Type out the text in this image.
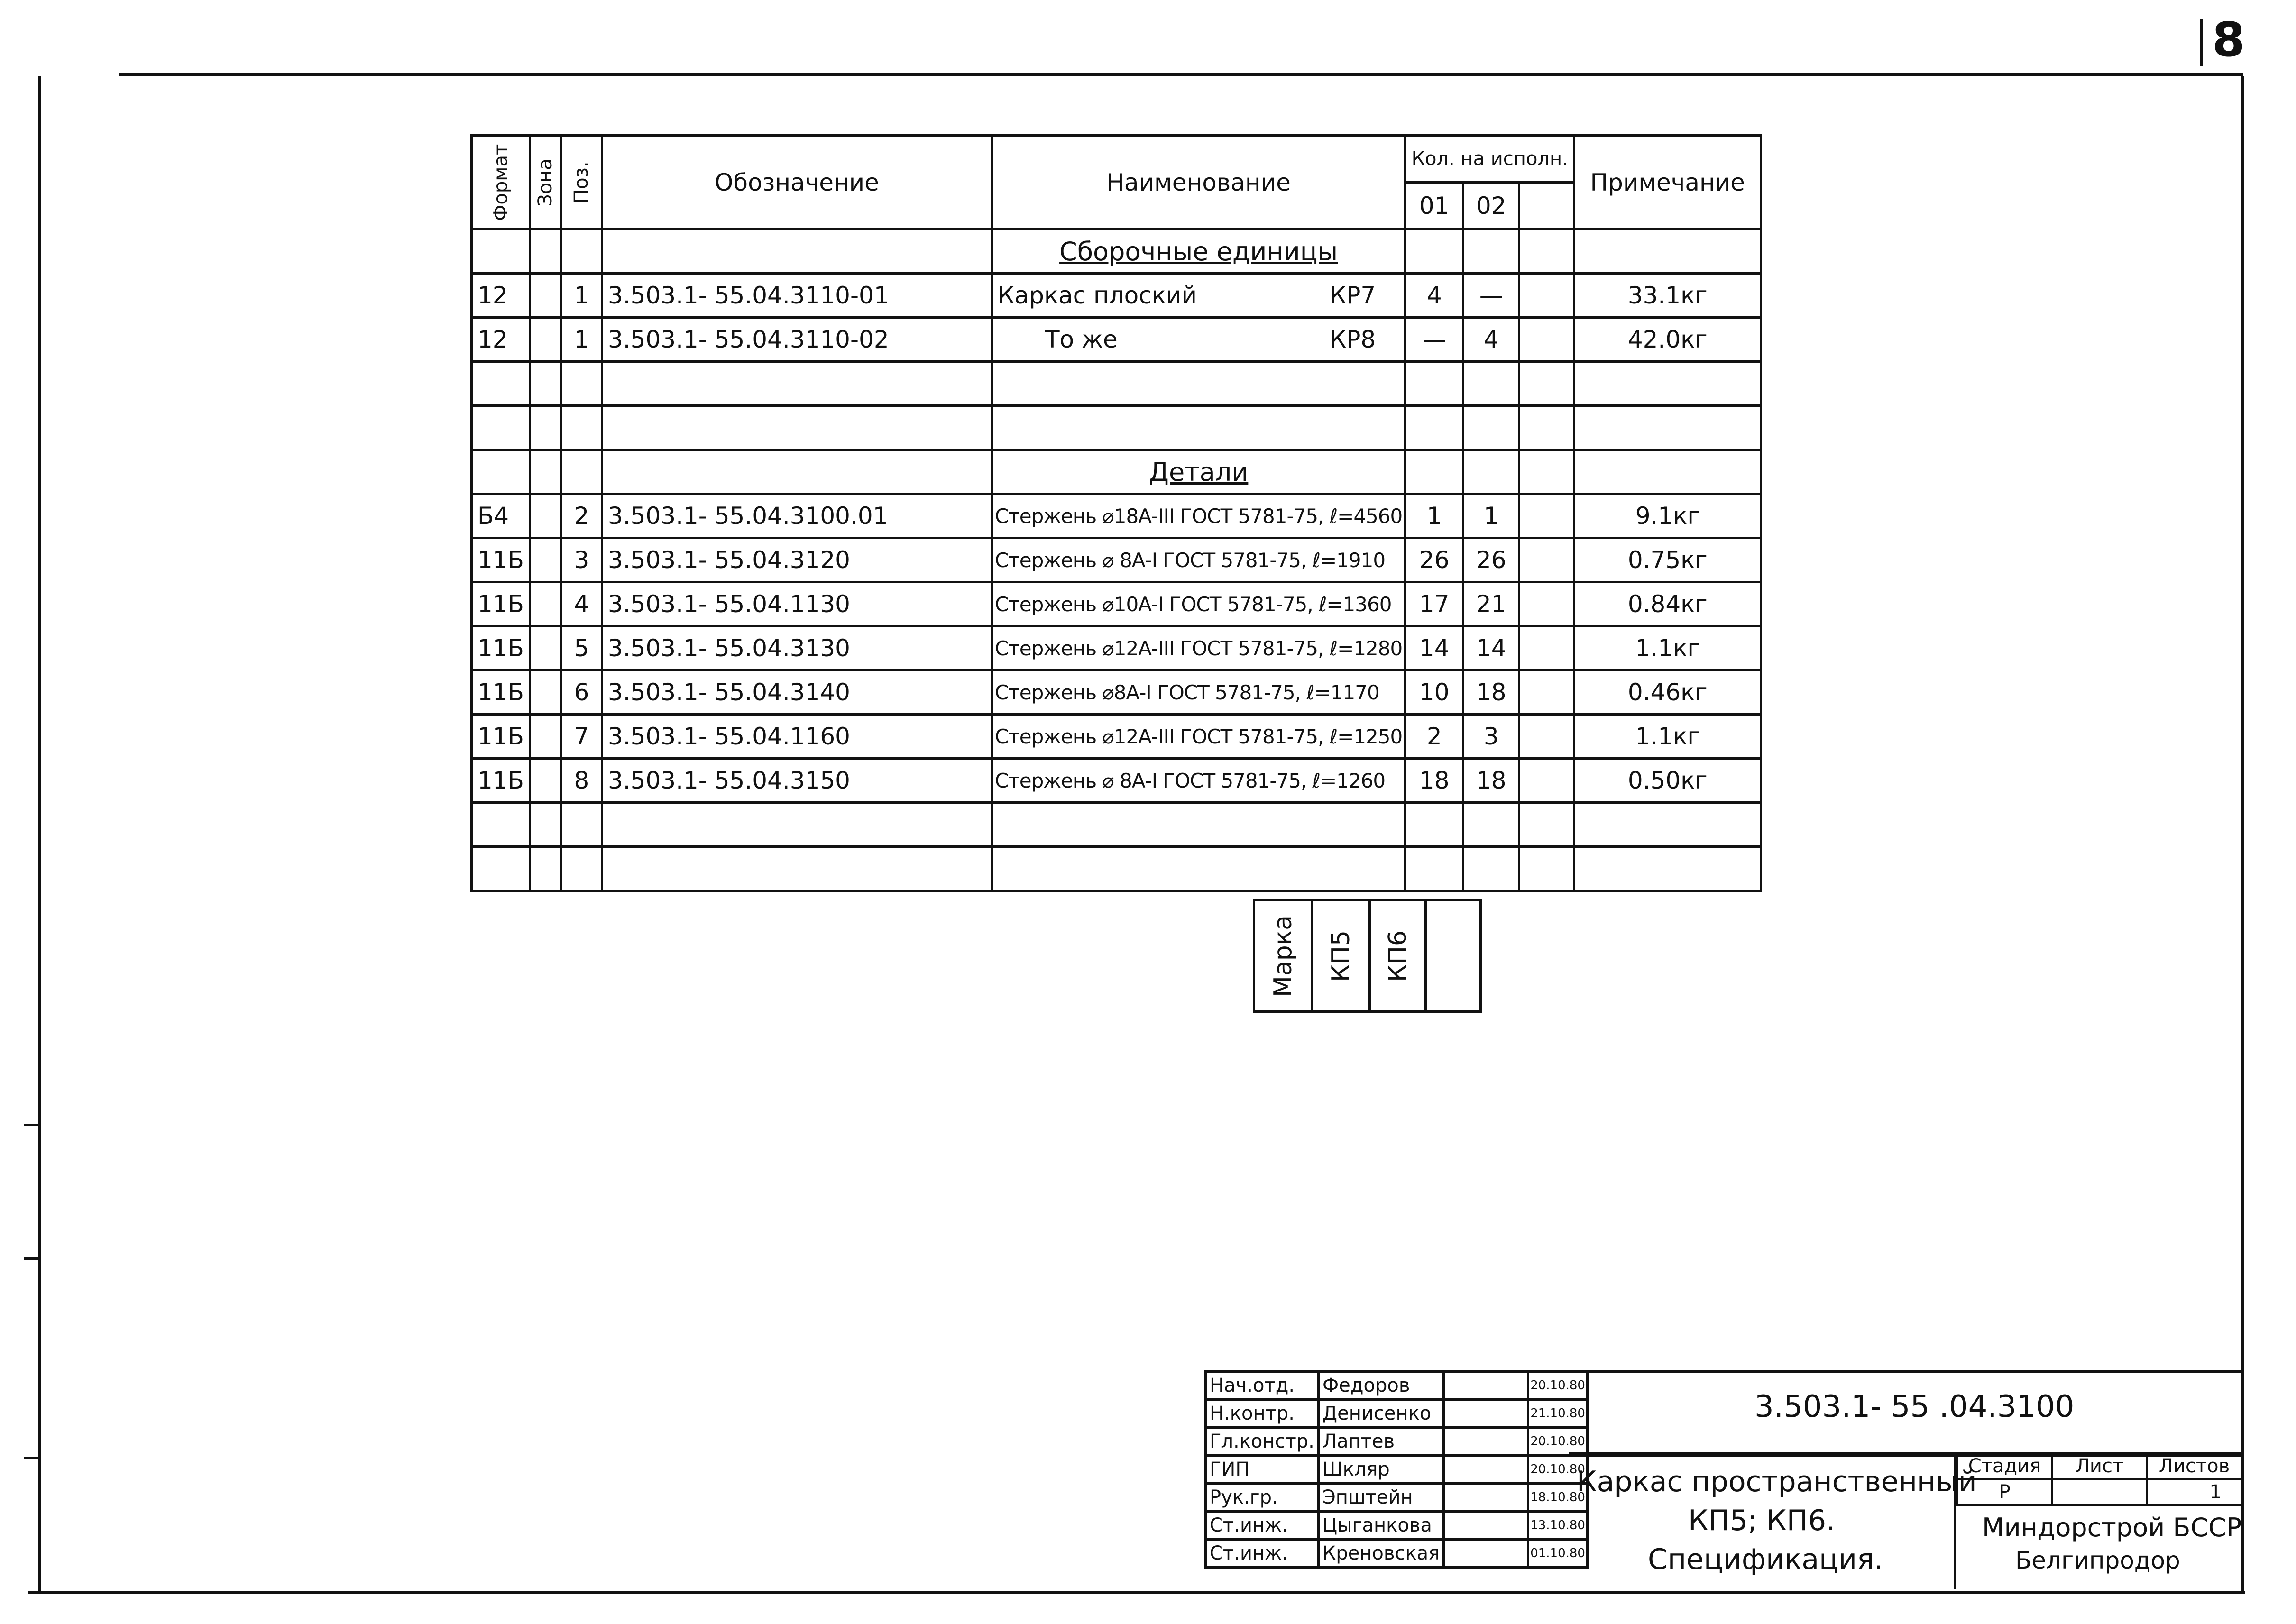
8
Формат	Зона	Поз.	Обозначение	Наименование	Кол. на исполн.			Примечание
					01	02		
				Сборочные единицы				
12		1	3.503.1- 55.04.3110-01	Каркас плоский КР7	4	—		33.1кг
12		1	3.503.1- 55.04.3110-02	То же КР8	—	4		42.0кг

				Детали				
Б4		2	3.503.1- 55.04.3100.01	Стержень ⌀18А-III ГОСТ 5781-75, ℓ=4560	1	1		9.1кг
11Б		3	3.503.1- 55.04.3120	Стержень ⌀ 8А-I ГОСТ 5781-75, ℓ=1910	26	26		0.75кг
11Б		4	3.503.1- 55.04.1130	Стержень ⌀10А-I ГОСТ 5781-75, ℓ=1360	17	21		0.84кг
11Б		5	3.503.1- 55.04.3130	Стержень ⌀12А-III ГОСТ 5781-75, ℓ=1280	14	14		1.1кг
11Б		6	3.503.1- 55.04.3140	Стержень ⌀8А-I ГОСТ 5781-75, ℓ=1170	10	18		0.46кг
11Б		7	3.503.1- 55.04.1160	Стержень ⌀12А-III ГОСТ 5781-75, ℓ=1250	2	3		1.1кг
11Б		8	3.503.1- 55.04.3150	Стержень ⌀ 8А-I ГОСТ 5781-75, ℓ=1260	18	18		0.50кг

Марка	КП5	КП6	
Нач.отд.	Федоров		20.10.80
Н.контр.	Денисенко		21.10.80
Гл.констр.	Лаптев		20.10.80
ГИП	Шкляр		20.10.80
Рук.гр.	Эпштейн		18.10.80
Ст.инж.	Цыганкова		13.10.80
Ст.инж.	Креновская		01.10.80
3.503.1- 55 .04.3100
Каркас пространственный
КП5; КП6.
Спецификация.
Стадия	Лист	Листов
Р		1
Миндорстрой БССР
Белгипродор
